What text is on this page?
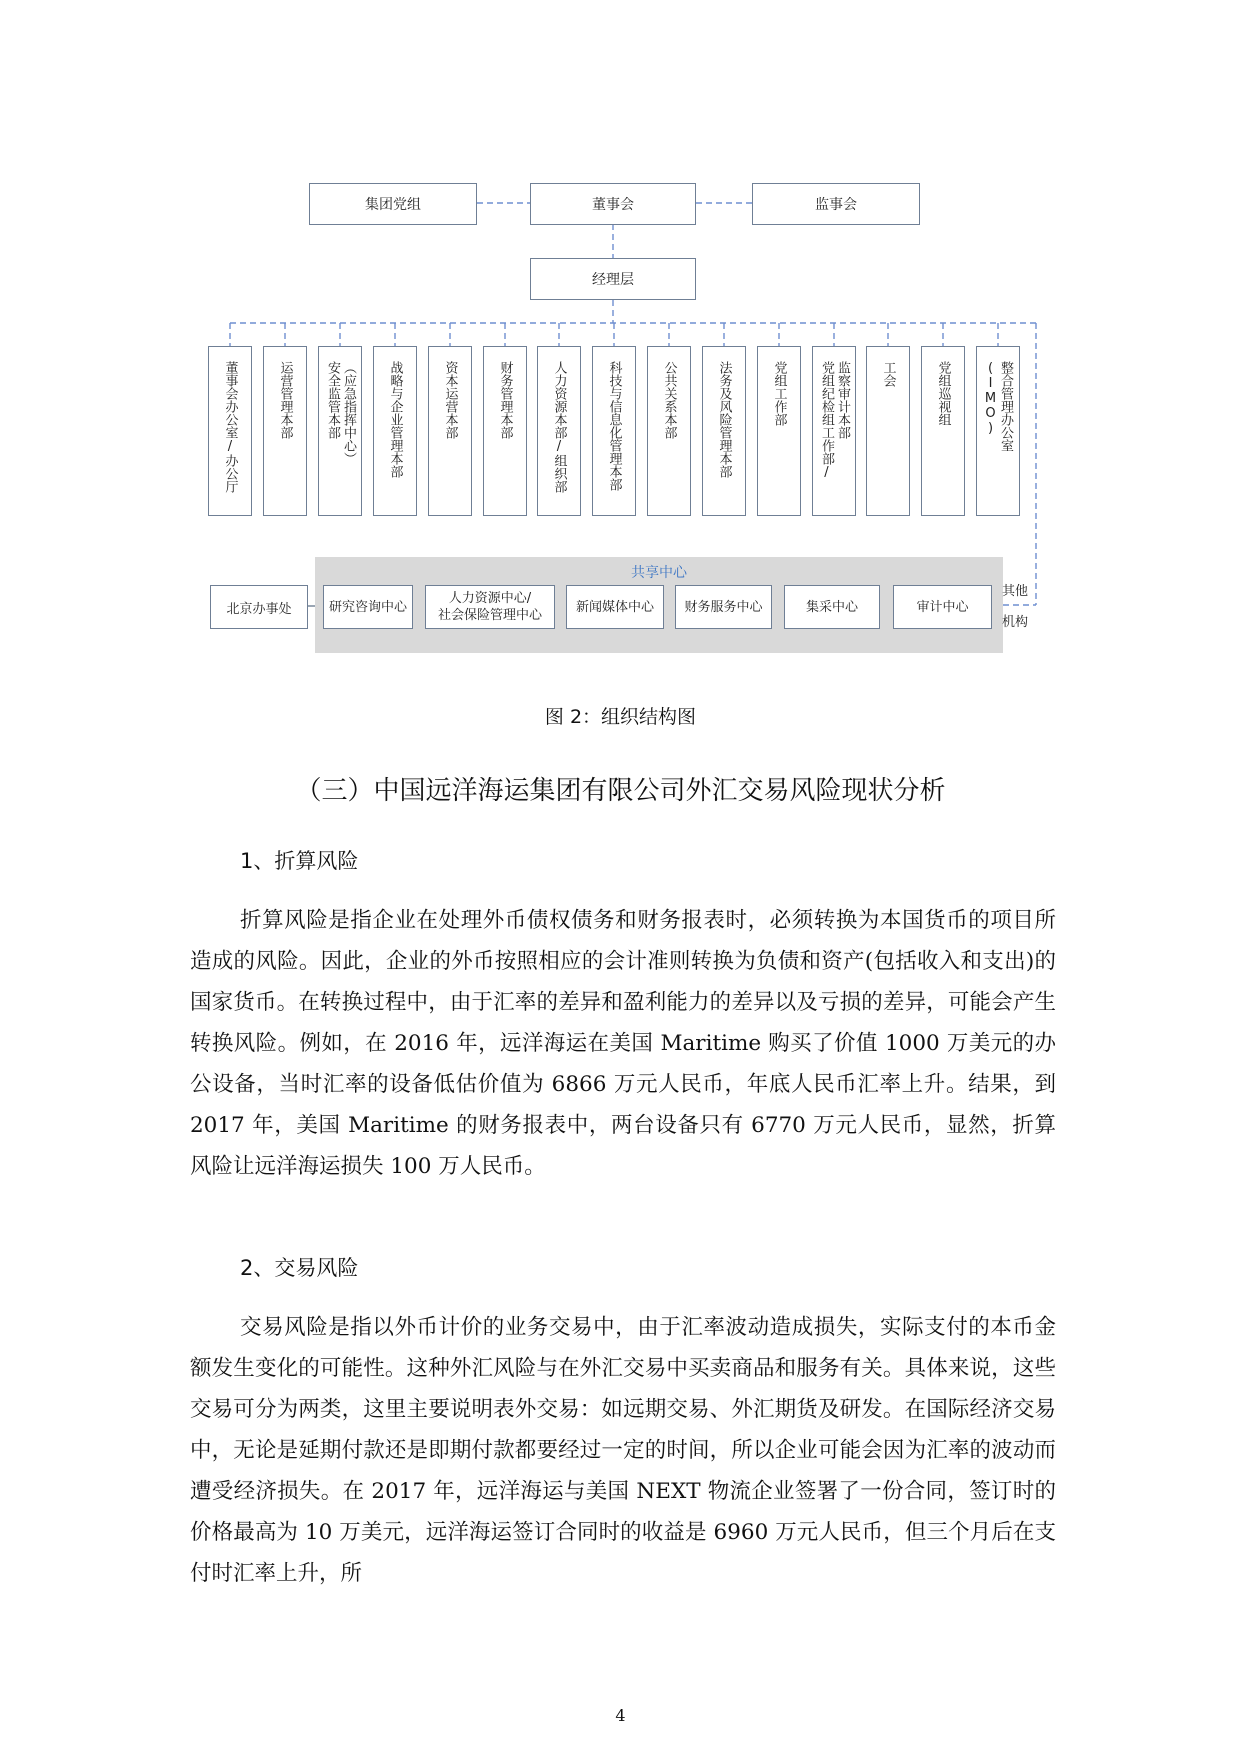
集团党组	董事会	监事会
经理层
董事会办公室/办公厅	运营管理本部	安全监管本部 （应急指挥中心） 战略与企业管理本部	资本运营本部	财务管理本部	人力资源本部/组织部	科技与信息化管理本部	公共关系本部	法务及风险管理本部	党组工作部	党组纪检组工作部/ 监察审计本部 工会	党组巡视组	整合管理办公室(IMO)
北京办事处
共享中心
研究咨询中心
人力资源中心/
社会保险管理中心
新闻媒体中心 财务服务中心	集采中心	审计中心
其他
机构
图 2：组织结构图
（三）中国远洋海运集团有限公司外汇交易风险现状分析
1、折算风险

折算风险是指企业在处理外币债权债务和财务报表时，必须转换为本国货币的项目所造成的风险。因此，企业的外币按照相应的会计准则转换为负债和资产(包括收入和支出)的国家货币。在转换过程中，由于汇率的差异和盈利能力的差异以及亏损的差异，可能会产生转换风险。例如，在 2016 年，远洋海运在美国 Maritime 购买了价值 1000 万美元的办公设备，当时汇率的设备低估价值为 6866 万元人民币，年底人民币汇率上升。结果，到 2017 年，美国 Maritime 的财务报表中，两台设备只有 6770 万元人民币，显然，折算风险让远洋海运损失 100 万人民币。

2、交易风险

交易风险是指以外币计价的业务交易中，由于汇率波动造成损失，实际支付的本币金额发生变化的可能性。这种外汇风险与在外汇交易中买卖商品和服务有关。具体来说，这些交易可分为两类，这里主要说明表外交易：如远期交易、外汇期货及研发。在国际经济交易中，无论是延期付款还是即期付款都要经过一定的时间，所以企业可能会因为汇率的波动而遭受经济损失。在 2017 年，远洋海运与美国 NEXT 物流企业签署了一份合同，签订时的价格最高为 10 万美元，远洋海运签订合同时的收益是 6960 万元人民币，但三个月后在支付时汇率上升，所

4
